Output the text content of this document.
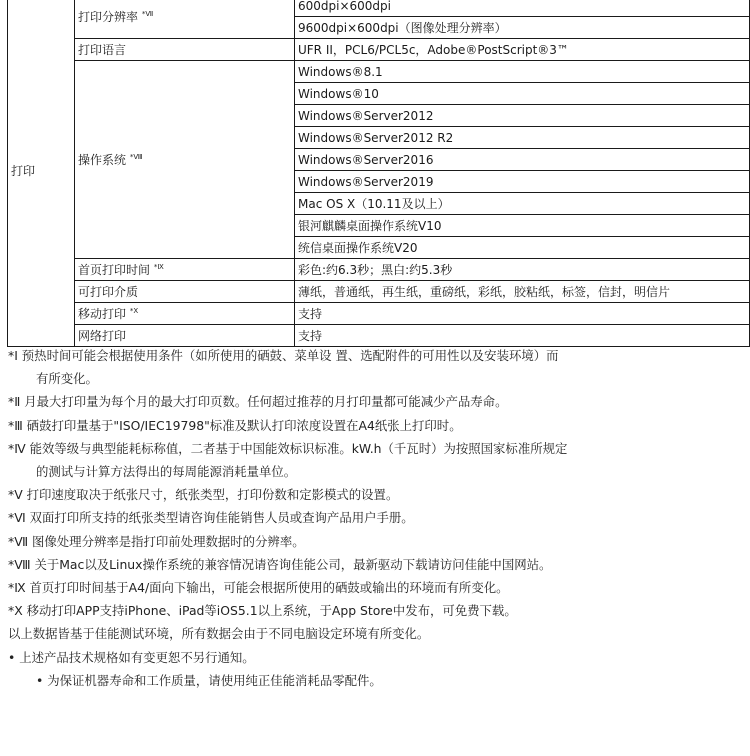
打印	打印分辨率 $^{*Ⅶ}$	600dpi×600dpi
		9600dpi×600dpi（图像处理分辨率）
	打印语言	UFR II，PCL6/PCL5c，Adobe®PostScript®3™
	操作系统 $^{*Ⅷ}$	Windows®8.1
		Windows®10
		Windows®Server2012
		Windows®Server2012 R2
		Windows®Server2016
		Windows®Server2019
		Mac OS X（10.11及以上）
		银河麒麟桌面操作系统V10
		统信桌面操作系统V20
	首页打印时间 $^{*Ⅸ}$	彩色:约6.3秒；黑白:约5.3秒
	可打印介质	薄纸，普通纸，再生纸，重磅纸，彩纸，胶粘纸，标签，信封，明信片
	移动打印 $^{*Ⅹ}$	支持
	网络打印	支持
*Ⅰ 预热时间可能会根据使用条件（如所使用的硒鼓、菜单设 置、选配附件的可用性以及安装环境）而
有所变化。
*Ⅱ 月最大打印量为每个月的最大打印页数。任何超过推荐的月打印量都可能减少产品寿命。
*Ⅲ 硒鼓打印量基于"ISO/IEC19798"标准及默认打印浓度设置在A4纸张上打印时。
*Ⅳ 能效等级与典型能耗标称值，二者基于中国能效标识标准。kW.h（千瓦时）为按照国家标准所规定
的测试与计算方法得出的每周能源消耗量单位。
*Ⅴ 打印速度取决于纸张尺寸，纸张类型，打印份数和定影模式的设置。
*Ⅵ 双面打印所支持的纸张类型请咨询佳能销售人员或查询产品用户手册。
*Ⅶ 图像处理分辨率是指打印前处理数据时的分辨率。
*Ⅷ 关于Mac以及Linux操作系统的兼容情况请咨询佳能公司，最新驱动下载请访问佳能中国网站。
*Ⅸ 首页打印时间基于A4/面向下输出，可能会根据所使用的硒鼓或输出的环境而有所变化。
*Ⅹ 移动打印APP支持iPhone、iPad等iOS5.1以上系统，于App Store中发布，可免费下载。
以上数据皆基于佳能测试环境，所有数据会由于不同电脑设定环境有所变化。
• 上述产品技术规格如有变更恕不另行通知。
• 为保证机器寿命和工作质量，请使用纯正佳能消耗品零配件。
